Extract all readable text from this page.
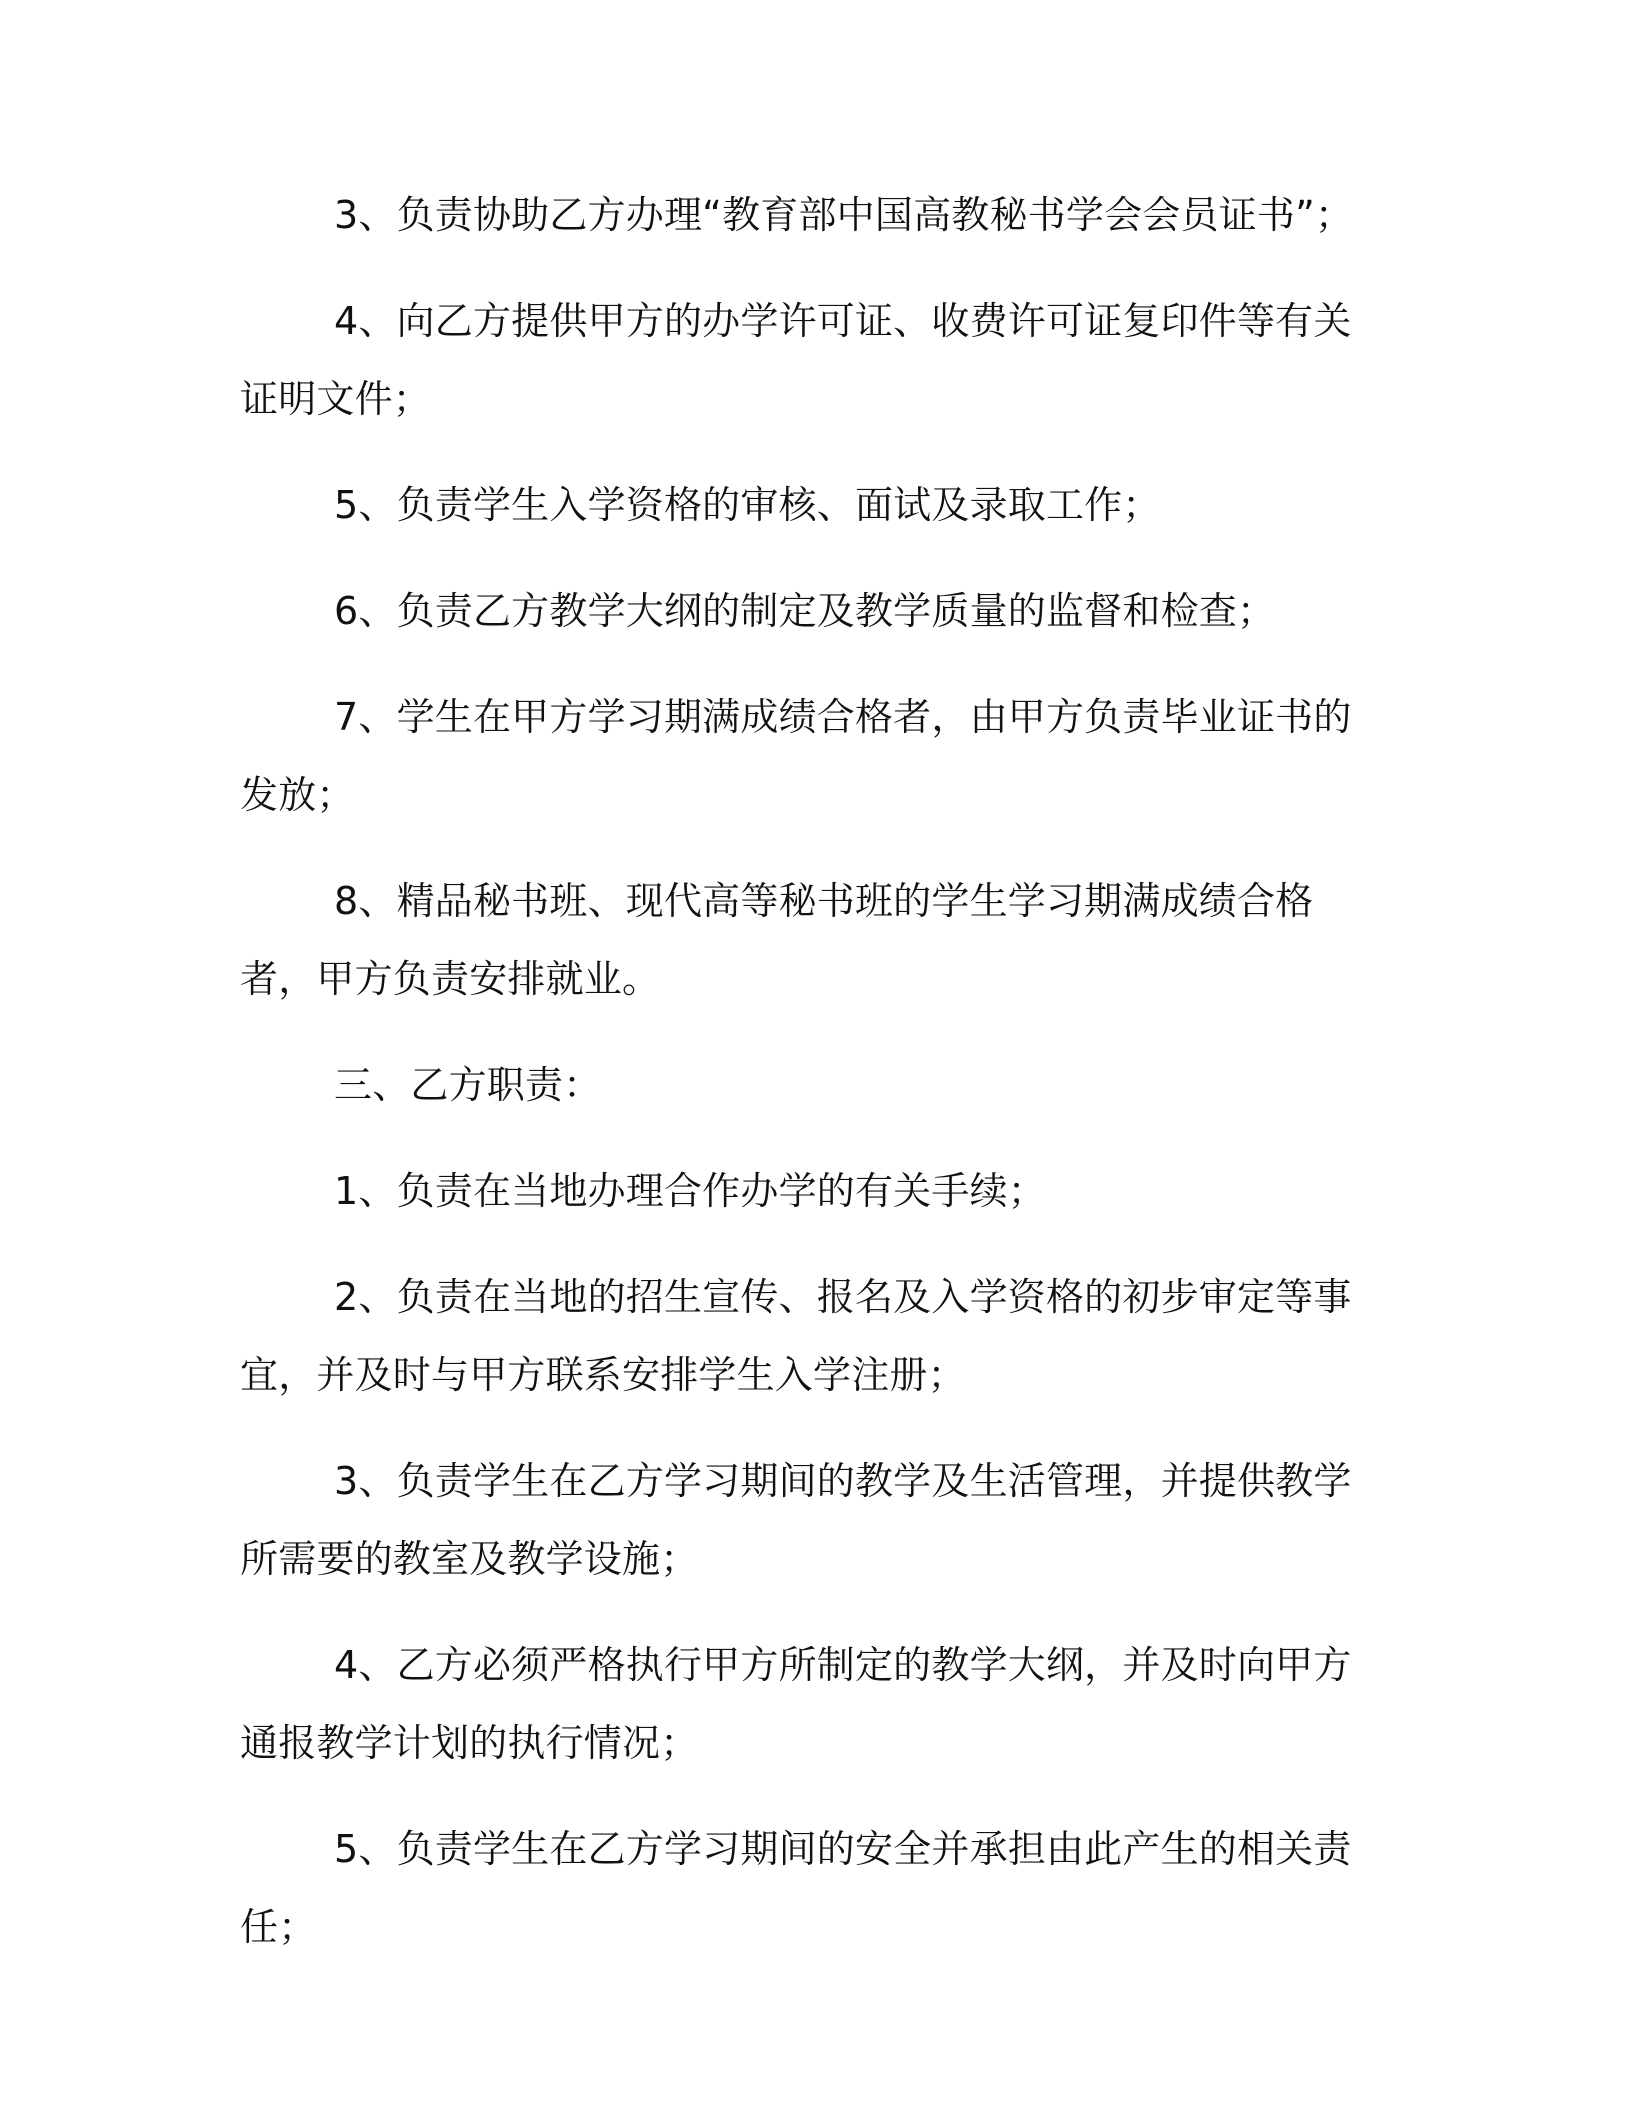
3、负责协助乙方办理“教育部中国高教秘书学会会员证书”；

4、向乙方提供甲方的办学许可证、收费许可证复印件等有关证明文件；

5、负责学生入学资格的审核、面试及录取工作；

6、负责乙方教学大纲的制定及教学质量的监督和检查；

7、学生在甲方学习期满成绩合格者，由甲方负责毕业证书的发放；

8、精品秘书班、现代高等秘书班的学生学习期满成绩合格者，甲方负责安排就业。

三、乙方职责：

1、负责在当地办理合作办学的有关手续；

2、负责在当地的招生宣传、报名及入学资格的初步审定等事宜，并及时与甲方联系安排学生入学注册；

3、负责学生在乙方学习期间的教学及生活管理，并提供教学所需要的教室及教学设施；

4、乙方必须严格执行甲方所制定的教学大纲，并及时向甲方通报教学计划的执行情况；

5、负责学生在乙方学习期间的安全并承担由此产生的相关责任；
